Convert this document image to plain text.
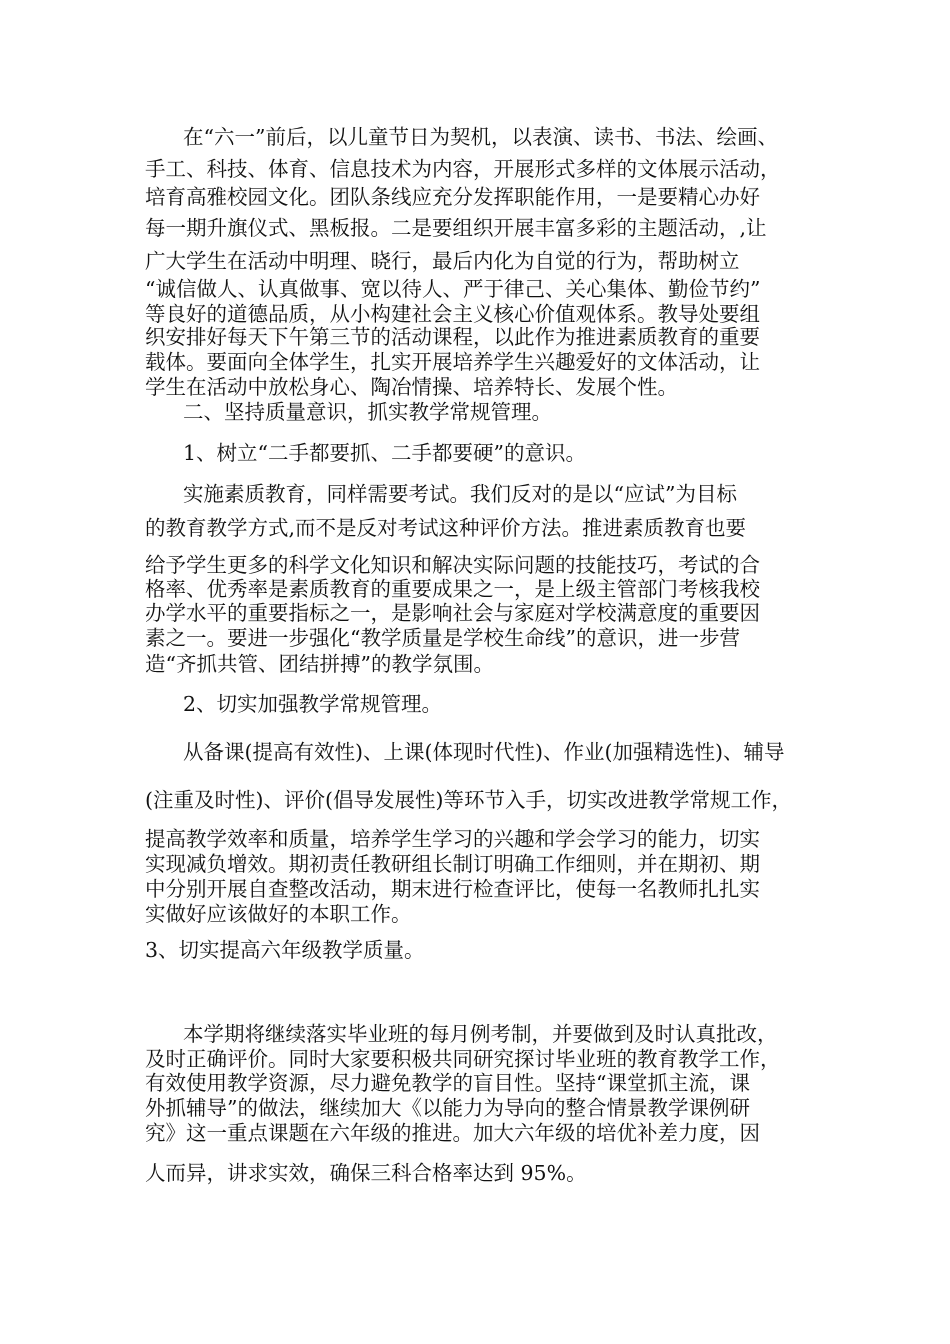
在“六一”前后，以儿童节日为契机，以表演、读书、书法、绘画、
手工、科技、体育、信息技术为内容，开展形式多样的文体展示活动，
培育高雅校园文化。团队条线应充分发挥职能作用，一是要精心办好
每一期升旗仪式、黑板报。二是要组织开展丰富多彩的主题活动，,让
广大学生在活动中明理、晓行，最后内化为自觉的行为，帮助树立
“诚信做人、认真做事、宽以待人、严于律己、关心集体、勤俭节约”
等良好的道德品质，从小构建社会主义核心价值观体系。教导处要组
织安排好每天下午第三节的活动课程，以此作为推进素质教育的重要
载体。要面向全体学生，扎实开展培养学生兴趣爱好的文体活动，让
学生在活动中放松身心、陶冶情操、培养特长、发展个性。
二、坚持质量意识，抓实教学常规管理。
1、树立“二手都要抓、二手都要硬”的意识。
实施素质教育，同样需要考试。我们反对的是以“应试”为目标
的教育教学方式,而不是反对考试这种评价方法。推进素质教育也要
给予学生更多的科学文化知识和解决实际问题的技能技巧，考试的合
格率、优秀率是素质教育的重要成果之一，是上级主管部门考核我校
办学水平的重要指标之一，是影响社会与家庭对学校满意度的重要因
素之一。要进一步强化“教学质量是学校生命线”的意识，进一步营
造“齐抓共管、团结拼搏”的教学氛围。
2、切实加强教学常规管理。
从备课(提高有效性)、上课(体现时代性)、作业(加强精选性)、辅导
(注重及时性)、评价(倡导发展性)等环节入手，切实改进教学常规工作，
提高教学效率和质量，培养学生学习的兴趣和学会学习的能力，切实
实现减负增效。期初责任教研组长制订明确工作细则，并在期初、期
中分别开展自查整改活动，期末进行检查评比，使每一名教师扎扎实
实做好应该做好的本职工作。
3、切实提高六年级教学质量。
本学期将继续落实毕业班的每月例考制，并要做到及时认真批改，
及时正确评价。同时大家要积极共同研究探讨毕业班的教育教学工作，
有效使用教学资源，尽力避免教学的盲目性。坚持“课堂抓主流，课
外抓辅导”的做法，继续加大《以能力为导向的整合情景教学课例研
究》这一重点课题在六年级的推进。加大六年级的培优补差力度，因
人而异，讲求实效，确保三科合格率达到 95%。
